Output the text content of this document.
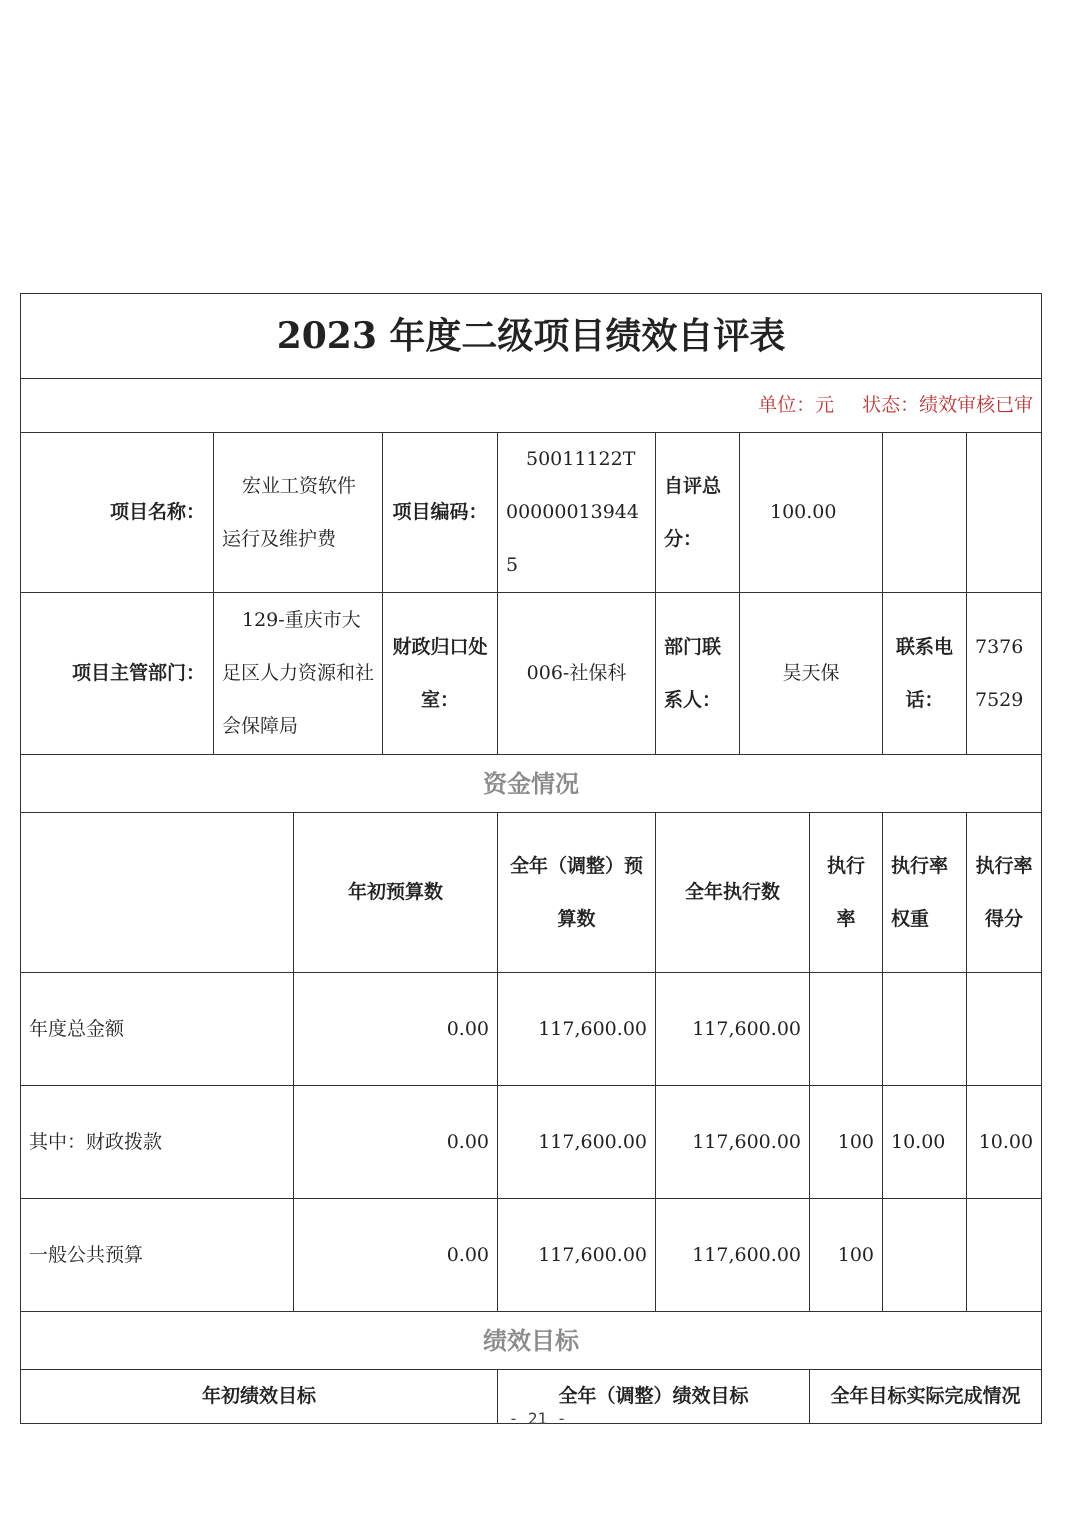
2023 年度二级项目绩效自评表									
单位：元 状态：绩效审核已审									
项目名称：	宏业工资软件运行及维护费		项目编码：	50011122T000000139445	自评总分：	100.00			
项目主管部门：	129-重庆市大足区人力资源和社会保障局		财政归口处室：	006-社保科	部门联系人：	吴天保		联系电话：	73767529
资金情况									
		年初预算数		全年（调整）预算数	全年执行数		执行率	执行率权重	执行率得分
年度总金额		0.00		117,600.00	117,600.00				
其中：财政拨款		0.00		117,600.00	117,600.00		100	10.00	10.00
一般公共预算		0.00		117,600.00	117,600.00		100		
绩效目标									
年初绩效目标				全年（调整）绩效目标			全年目标实际完成情况		
- 21 -
